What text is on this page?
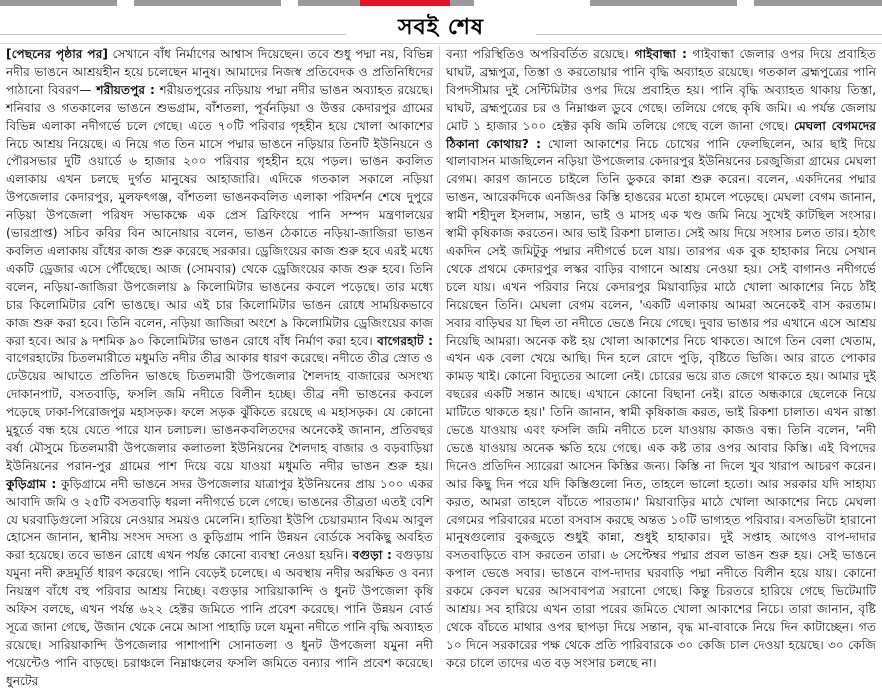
সবই শেষ

[পেছনের পৃষ্ঠার পর] সেখানে বাঁধ নির্মাণের আশ্বাস দিয়েছেন। তবে শুধু পদ্মা নয়, বিভিন্ন নদীর ভাঙনে আশ্রয়হীন হয়ে চলেছেন মানুষ। আমাদের নিজস্ব প্রতিবেদক ও প্রতিনিধিদের পাঠানো বিবরণ— শরীয়তপুর : শরীয়তপুরের নড়িয়ায় পদ্মা নদীর ভাঙন অব্যাহত রয়েছে। শনিবার ও গতকালের ভাঙনে শুভগ্রাম, বাঁশতলা, পূর্বনড়িয়া ও উত্তর কেদারপুর গ্রামের বিভিন্ন এলাকা নদীগর্ভে চলে গেছে। এতে ৭০টি পরিবার গৃহহীন হয়ে খোলা আকাশের নিচে আশ্রয় নিয়েছে। এ নিয়ে গত তিন মাসে পদ্মার ভাঙনে নড়িয়ার তিনটি ইউনিয়নে ও পৌরসভার দুটি ওয়ার্ডে ৬ হাজার ২০০ পরিবার গৃহহীন হয়ে পড়ল। ভাঙন কবলিত এলাকায় এখন চলছে দুর্গত মানুষের আহাজারি। এদিকে গতকাল সকালে নড়িয়া উপজেলার কেদারপুর, মুলফৎগঞ্জ, বাঁশতলা ভাঙনকবলিত এলাকা পরিদর্শন শেষে দুপুরে নড়িয়া উপজেলা পরিষদ সভাকক্ষে এক প্রেস ব্রিফিংয়ে পানি সম্পদ মন্ত্রণালয়ের (ভারপ্রাপ্ত) সচিব কবির বিন আনোয়ার বলেন, ভাঙন ঠেকাতে নড়িয়া-জাজিরা ভাঙন কবলিত এলাকায় বাঁধের কাজ শুরু করেছে সরকার। ড্রেজিংয়ের কাজ শুরু হবে এরই মধ্যে একটি ড্রেজার এসে পৌঁছেছে। আজ (সোমবার) থেকে ড্রেজিংয়ের কাজ শুরু হবে। তিনি বলেন, নড়িয়া-জাজিরা উপজেলায় ৯ কিলোমিটার ভাঙনের কবলে পড়েছে। তার মধ্যে চার কিলোমিটার বেশি ভাঙছে। আর এই চার কিলোমিটার ভাঙন রোধে সাময়িকভাবে কাজ শুরু করা হবে। তিনি বলেন, নড়িয়া জাজিরা অংশে ৯ কিলোমিটার ড্রেজিংয়ের কাজ করা হবে। আর ৯ দশমিক ৯০ কিলোমিটার ভাঙন রোধে বাঁধ নির্মাণ করা হবে। বাগেরহাট : বাগেরহাটের চিতলমারীতে মধুমতি নদীর তীব্র আকার ধারণ করেছে। নদীতে তীব্র স্রোত ও ঢেউয়ের আঘাতে প্রতিদিন ভাঙছে চিতলমারী উপজেলার শৈলদাহ বাজারের অসংখ্য দোকানপাট, বসতবাড়ি, ফসলি জমি নদীতে বিলীন হচ্ছে। তীব্র নদী ভাঙনের কবলে পড়েছে ঢাকা-পিরোজপুর মহাসড়ক। ফলে সড়ক ঝুঁকিতে রয়েছে এ মহাসড়ক। যে কোনো মুহূর্তে বন্ধ হয়ে যেতে পারে যান চলাচল। ভাঙনকবলিতদের অনেকেই জানান, প্রতিবছর বর্ষা মৌসুমে চিতলমারী উপজেলার কলাতলা ইউনিয়নের শৈলদাহ বাজার ও বড়বাড়িয়া ইউনিয়নের পরান-পুর গ্রামের পাশ দিয়ে বয়ে যাওয়া মধুমতি নদীর ভাঙন শুরু হয়। কুড়িগ্রাম : কুড়িগ্রামে নদী ভাঙনে সদর উপজেলার যাত্রাপুর ইউনিয়নের প্রায় ১০০ একর আবাদি জমি ও ২৫টি বসতবাড়ি ধরলা নদীগর্ভে চলে গেছে। ভাঙনের তীব্রতা এতই বেশি যে ঘরবাড়িগুলো সরিয়ে নেওয়ার সময়ও মেলেনি। হাতিয়া ইউপি চেয়ারম্যান বিএম আবুল হোসেন জানান, স্থানীয় সংসদ সদস্য ও কুড়িগ্রাম পানি উন্নয়ন বোর্ডকে সবকিছু অবহিত করা হয়েছে। তবে ভাঙন রোধে এখন পর্যন্ত কোনো ব্যবস্থা নেওয়া হয়নি। বগুড়া : বগুড়ায় যমুনা নদী রুদ্রমূর্তি ধারণ করেছে। পানি বেড়েই চলেছে। এ অবস্থায় নদীর অরক্ষিত ও বন্যা নিয়ন্ত্রণ বাঁধে বহু পরিবার আশ্রয় নিচ্ছে। বগুড়ার সারিয়াকান্দি ও ধুনট উপজেলা কৃষি অফিস বলছে, এখন পর্যন্ত ৬২২ হেক্টর জমিতে পানি প্রবেশ করেছে। পানি উন্নয়ন বোর্ড সূত্রে জানা গেছে, উজান থেকে নেমে আসা পাহাড়ি ঢলে যমুনা নদীতে পানি বৃদ্ধি অব্যাহত রয়েছে। সারিয়াকান্দি উপজেলার পাশাপাশি সোনাতলা ও ধুনট উপজেলা যমুনা নদী পয়েন্টেও পানি বাড়ছে। চরাঞ্চলে নিম্নাঞ্চলের ফসলি জমিতে বন্যার পানি প্রবেশ করেছে। ধুনটের

বন্যা পরিস্থিতিও অপরিবর্তিত রয়েছে। গাইবান্ধা : গাইবান্ধা জেলার ওপর দিয়ে প্রবাহিত ঘাঘট, ব্রহ্মপুত্র, তিস্তা ও করতোয়ার পানি বৃদ্ধি অব্যাহত রয়েছে। গতকাল ব্রহ্মপুত্রের পানি বিপদসীমার দুই সেন্টিমিটার ওপর দিয়ে প্রবাহিত হয়। পানি বৃদ্ধি অব্যাহত থাকায় তিস্তা, ঘাঘট, ব্রহ্মপুত্রের চর ও নিম্নাঞ্চল ডুবে গেছে। তলিয়ে গেছে কৃষি জমি। এ পর্যন্ত জেলায় মোট ১ হাজার ১০০ হেক্টর কৃষি জমি তলিয়ে গেছে বলে জানা গেছে। মেঘলা বেগমদের ঠিকানা কোথায়? : খোলা আকাশের নিচে চোখের পানি ফেলছিলেন, আর ছাই দিয়ে থালাবাসন মাজছিলেন নড়িয়া উপজেলার কেদারপুর ইউনিয়নের চরজুজিরা গ্রামের মেঘলা বেগম। কারণ জানতে চাইলে তিনি ডুকরে কান্না শুরু করেন। বলেন, একদিনের পদ্মার ভাঙন, আরেকদিকে এনজিওর কিস্তি হাঙরের মতো হামলে পড়েছে। মেঘলা বেগম জানান, স্বামী শহীদুল ইসলাম, সন্তান, ভাই ও মাসহ এক খণ্ড জমি নিয়ে সুখেই কাটছিল সংসার। স্বামী কৃষিকাজ করতেন। আর ভাই রিকশা চালাত। সেই আয় দিয়ে সংসার চলত তার। হঠাৎ একদিন সেই জমিটুকু পদ্মার নদীগর্ভে চলে যায়। তারপর এক বুক হাহাকার নিয়ে সেখান থেকে প্রথমে কেদারপুর লস্কর বাড়ির বাগানে আশ্রয় নেওয়া হয়। সেই বাগানও নদীগর্ভে চলে যায়। এখন পরিবার নিয়ে কেদারপুর মিয়াবাড়ির মাঠে খোলা আকাশের নিচে ঠাঁই নিয়েছেন তিনি। মেঘলা বেগম বলেন, 'একটি এলাকায় আমরা অনেকেই বাস করতাম। সবার বাড়িঘর যা ছিল তা নদীতে ভেঙে নিয়ে গেছে। দুবার ভাঙার পর এখানে এসে আশ্রয় নিয়েছি আমরা। অনেক কষ্ট হয় খোলা আকাশের নিচে থাকতে। আগে তিন বেলা খেতাম, এখন এক বেলা খেয়ে আছি। দিন হলে রোদে পুড়ি, বৃষ্টিতে ভিজি। আর রাতে পোকার কামড় খাই। কোনো বিদ্যুতের আলো নেই। চোরের ভয়ে রাত জেগে থাকতে হয়। আমার দুই বছরের একটি সন্তান আছে। এখানে কোনো বিছানা নেই। রাতে অন্ধকারে ছেলেকে নিয়ে মাটিতে থাকতে হয়।' তিনি জানান, স্বামী কৃষিকাজ করত, ভাই রিকশা চালাত। এখন রাস্তা ভেঙে যাওয়ায় এবং ফসলি জমি নদীতে চলে যাওয়ায় কাজও বন্ধ। তিনি বলেন, 'নদী ভেঙে যাওয়ায় অনেক ক্ষতি হয়ে গেছে। এক কষ্ট তার ওপর আবার কিস্তি। এই বিপদের দিনেও প্রতিদিন স্যারেরা আসেন কিস্তির জন্য। কিস্তি না দিলে খুব খারাপ আচরণ করেন। আর কিছু দিন পরে যদি কিস্তিগুলো নিত, তাহলে ভালো হতো। আর সরকার যদি সাহায্য করত, আমরা তাহলে বাঁচতে পারতাম।' মিয়াবাড়ির মাঠে খোলা আকাশের নিচে মেঘলা বেগমের পরিবারের মতো বসবাস করছে অন্তত ১০টি ভাগ্যহত পরিবার। বসতভিটা হারানো মানুষগুলোর বুকজুড়ে শুধুই কান্না, শুধুই হাহাকার। দুই সপ্তাহ আগেও বাপ-দাদার বসতবাড়িতে বাস করতেন তারা। ৬ সেপ্টেম্বর পদ্মার প্রবল ভাঙন শুরু হয়। সেই ভাঙনে কপাল ভেঙে সবার। ভাঙনে বাপ-দাদার ঘরবাড়ি পদ্মা নদীতে বিলীন হয়ে যায়। কোনো রকমে কেবল ঘরের আসবাবপত্র সরানো গেছে। কিন্তু চিরতরে হারিয়ে গেছে ভিটেমাটি আশ্রয়। সব হারিয়ে এখন তারা পরের জমিতে খোলা আকাশের নিচে। তারা জানান, বৃষ্টি থেকে বাঁচতে মাথার ওপর ছাপড়া দিয়ে সন্তান, বৃদ্ধ মা-বাবাকে নিয়ে দিন কাটাচ্ছেন। গত ১০ দিনে সরকারের পক্ষ থেকে প্রতি পারিবারকে ৩০ কেজি চাল দেওয়া হয়েছে। ৩০ কেজি করে চালে তাদের এত বড় সংসার চলছে না।
